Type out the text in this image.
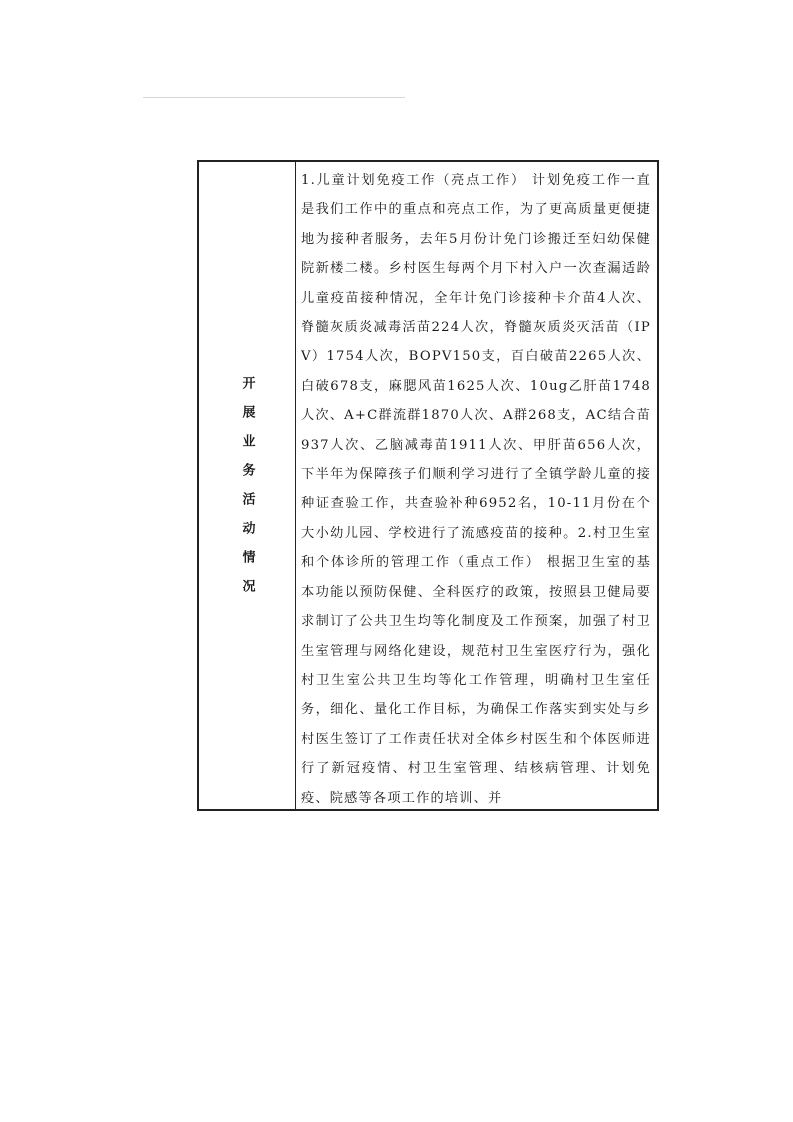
开展业务活动情况

1.儿童计划免疫工作（亮点工作） 计划免疫工作一直是我们工作中的重点和亮点工作，为了更高质量更便捷地为接种者服务，去年5月份计免门诊搬迁至妇幼保健院新楼二楼。乡村医生每两个月下村入户一次查漏适龄儿童疫苗接种情况，全年计免门诊接种卡介苗4人次、脊髓灰质炎减毒活苗224人次，脊髓灰质炎灭活苗（IPV）1754人次，BOPV150支，百白破苗2265人次、白破678支，麻腮风苗1625人次、10ug乙肝苗1748人次、A+C群流群1870人次、A群268支，AC结合苗937人次、乙脑减毒苗1911人次、甲肝苗656人次，下半年为保障孩子们顺利学习进行了全镇学龄儿童的接种证查验工作，共查验补种6952名，10-11月份在个大小幼儿园、学校进行了流感疫苗的接种。2.村卫生室和个体诊所的管理工作（重点工作） 根据卫生室的基本功能以预防保健、全科医疗的政策，按照县卫健局要求制订了公共卫生均等化制度及工作预案，加强了村卫生室管理与网络化建设，规范村卫生室医疗行为，强化村卫生室公共卫生均等化工作管理，明确村卫生室任务，细化、量化工作目标，为确保工作落实到实处与乡村医生签订了工作责任状对全体乡村医生和个体医师进行了新冠疫情、村卫生室管理、结核病管理、计划免疫、院感等各项工作的培训、并
